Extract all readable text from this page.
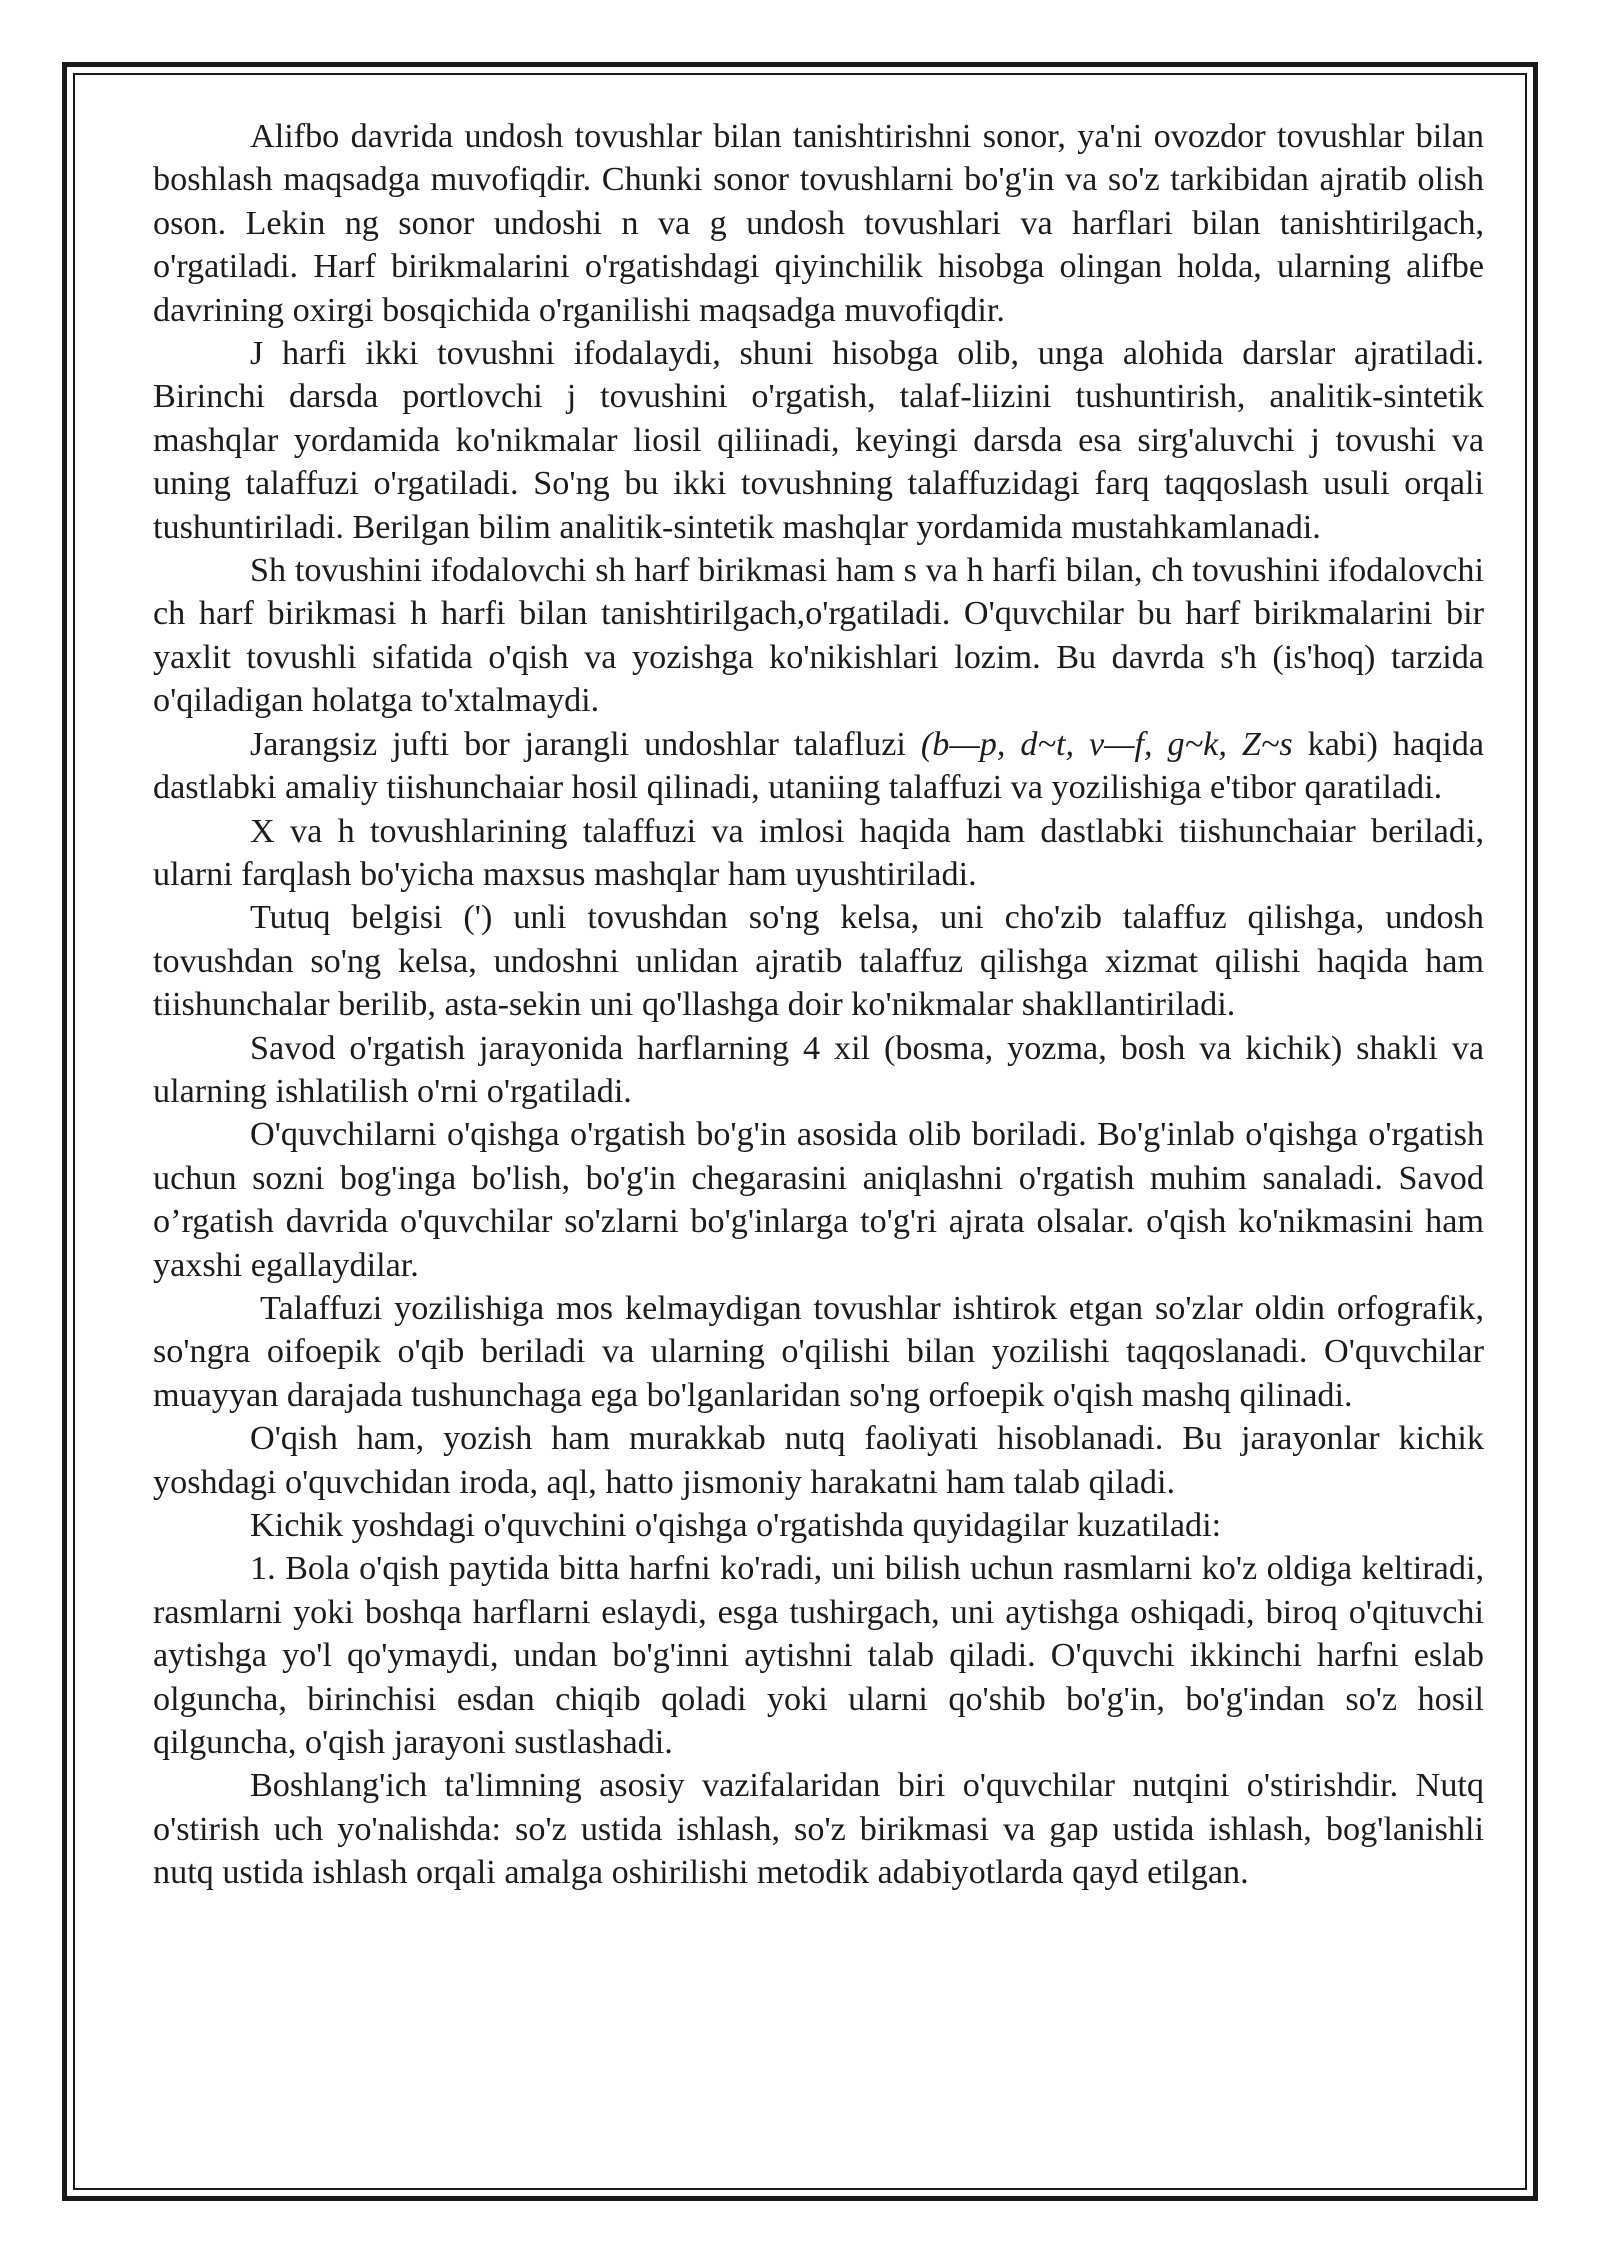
Alifbo davrida undosh tovushlar bilan tanishtirishni sonor, ya'ni ovozdor tovushlar bilan boshlash maqsadga muvofiqdir. Chunki sonor tovushlarni bo'g'in va so'z tarkibidan ajratib olish oson. Lekin ng sonor undoshi n va g undosh tovushlari va harflari bilan tanishtirilgach, o'rgatiladi. Harf birikmalarini o'rgatishdagi qiyinchilik hisobga olingan holda, ularning alifbe davrining oxirgi bosqichida o'rganilishi maqsadga muvofiqdir.

J harfi ikki tovushni ifodalaydi, shuni hisobga olib, unga alohida darslar ajratiladi. Birinchi darsda portlovchi j tovushini o'rgatish, talaf-liizini tushuntirish, analitik-sintetik mashqlar yordamida ko'nikmalar liosil qiliinadi, keyingi darsda esa sirg'aluvchi j tovushi va uning talaffuzi o'rgatiladi. So'ng bu ikki tovushning talaffuzidagi farq taqqoslash usuli orqali tushuntiriladi. Berilgan bilim analitik-sintetik mashqlar yordamida mustahkamlanadi.

Sh tovushini ifodalovchi sh harf birikmasi ham s va h harfi bilan, ch tovushini ifodalovchi ch harf birikmasi h harfi bilan tanishtirilgach,o'rgatiladi. O'quvchilar bu harf birikmalarini bir yaxlit tovushli sifatida o'qish va yozishga ko'nikishlari lozim. Bu davrda s'h (is'hoq) tarzida o'qiladigan holatga to'xtalmaydi.

Jarangsiz jufti bor jarangli undoshlar talafluzi (b—p, d~t, v—f, g~k, Z~s kabi) haqida dastlabki amaliy tiishunchaiar hosil qilinadi, utaniing talaffuzi va yozilishiga e'tibor qaratiladi.

X va h tovushlarining talaffuzi va imlosi haqida ham dastlabki tiishunchaiar beriladi, ularni farqlash bo'yicha maxsus mashqlar ham uyushtiriladi.

Tutuq belgisi (') unli tovushdan so'ng kelsa, uni cho'zib talaffuz qilishga, undosh tovushdan so'ng kelsa, undoshni unlidan ajratib talaffuz qilishga xizmat qilishi haqida ham tiishunchalar berilib, asta-sekin uni qo'llashga doir ko'nikmalar shakllantiriladi.

Savod o'rgatish jarayonida harflarning 4 xil (bosma, yozma, bosh va kichik) shakli va ularning ishlatilish o'rni o'rgatiladi.

O'quvchilarni o'qishga o'rgatish bo'g'in asosida olib boriladi. Bo'g'inlab o'qishga o'rgatish uchun sozni bog'inga bo'lish, bo'g'in chegarasini aniqlashni o'rgatish muhim sanaladi. Savod o’rgatish davrida o'quvchilar so'zlarni bo'g'inlarga to'g'ri ajrata olsalar. o'qish ko'nikmasini ham yaxshi egallaydilar.

Talaffuzi yozilishiga mos kelmaydigan tovushlar ishtirok etgan so'zlar oldin orfografik, so'ngra oifoepik o'qib beriladi va ularning o'qilishi bilan yozilishi taqqoslanadi. O'quvchilar muayyan darajada tushunchaga ega bo'lganlaridan so'ng orfoepik o'qish mashq qilinadi.

O'qish ham, yozish ham murakkab nutq faoliyati hisoblanadi. Bu jarayonlar kichik yoshdagi o'quvchidan iroda, aql, hatto jismoniy harakatni ham talab qiladi.

Kichik yoshdagi o'quvchini o'qishga o'rgatishda quyidagilar kuzatiladi:

1. Bola o'qish paytida bitta harfni ko'radi, uni bilish uchun rasmlarni ko'z oldiga keltiradi, rasmlarni yoki boshqa harflarni eslaydi, esga tushirgach, uni aytishga oshiqadi, biroq o'qituvchi aytishga yo'l qo'ymaydi, undan bo'g'inni aytishni talab qiladi. O'quvchi ikkinchi harfni eslab olguncha, birinchisi esdan chiqib qoladi yoki ularni qo'shib bo'g'in, bo'g'indan so'z hosil qilguncha, o'qish jarayoni sustlashadi.

Boshlang'ich ta'limning asosiy vazifalaridan biri o'quvchilar nutqini o'stirishdir. Nutq o'stirish uch yo'nalishda: so'z ustida ishlash, so'z birikmasi va gap ustida ishlash, bog'lanishli nutq ustida ishlash orqali amalga oshirilishi metodik adabiyotlarda qayd etilgan.
